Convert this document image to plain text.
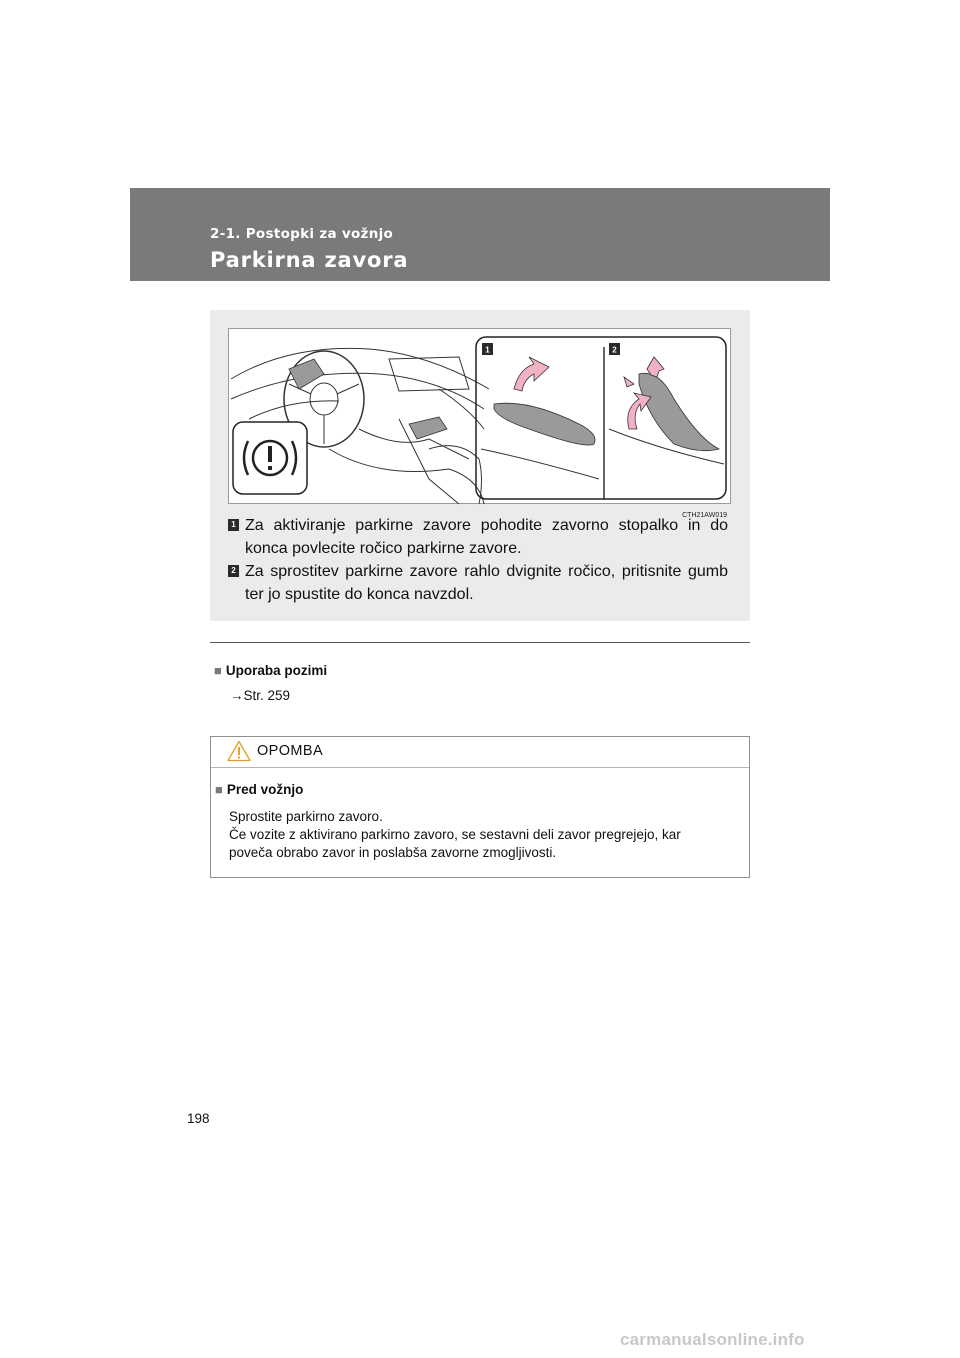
2-1. Postopki za vožnjo
Parkirna zavora
1	2
CTH21AW019
1 Za aktiviranje parkirne zavore pohodite zavorno stopalko in do konca povlecite ročico parkirne zavore.
2 Za sprostitev parkirne zavore rahlo dvignite ročico, pritisnite gumb ter jo spustite do konca navzdol.
■ Uporaba pozimi
→Str. 259
OPOMBA
■ Pred vožnjo
Sprostite parkirno zavoro.
Če vozite z aktivirano parkirno zavoro, se sestavni deli zavor pregrejejo, kar
poveča obrabo zavor in poslabša zavorne zmogljivosti.
198
carmanualsonline.info
